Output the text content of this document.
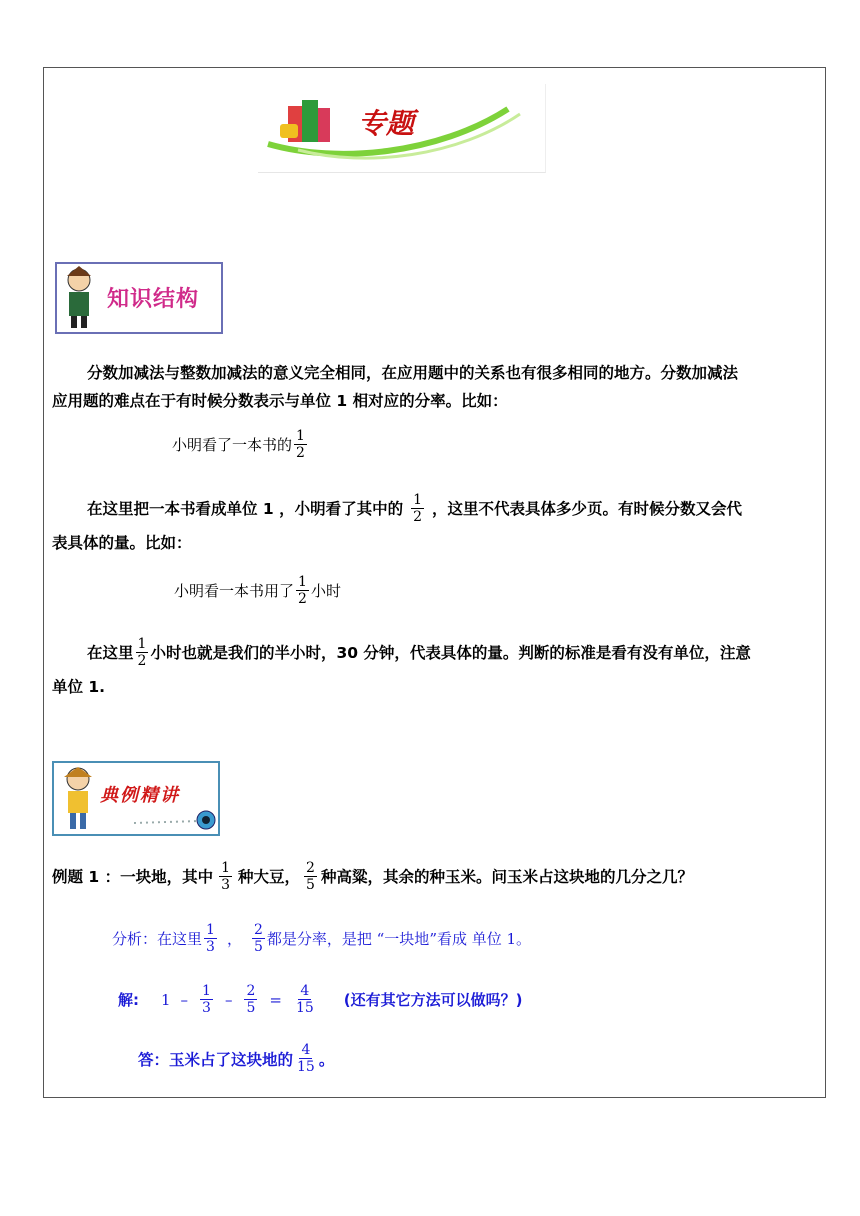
专题
知识结构
分数加减法与整数加减法的意义完全相同，在应用题中的关系也有很多相同的地方。分数加减法
应用题的难点在于有时候分数表示与单位 1 相对应的分率。比如：
小明看了一本书的 $\frac{1}{2}$
在这里把一本书看成单位 1 ，小明看了其中的 $\frac{1}{2}$ ，这里不代表具体多少页。有时候分数又会代
表具体的量。比如：
小明看一本书用了 $\frac{1}{2}$ 小时
在这里 $\frac{1}{2}$ 小时也就是我们的半小时，30 分钟，代表具体的量。判断的标准是看有没有单位，注意
单位 1.
典例精讲
例题 1 ：一块地，其中 $\frac{1}{3}$ 种大豆， $\frac{2}{5}$ 种高粱，其余的种玉米。问玉米占这块地的几分之几？
分析：在这里 $\frac{1}{3}$ ， $\frac{2}{5}$ 都是分率，是把 “一块地”看成 单位 1。
解: $1 - \frac{1}{3} - \frac{2}{5} = \frac{4}{15}$ (还有其它方法可以做吗？)
答：玉米占了这块地的 $\frac{4}{15}$ 。
